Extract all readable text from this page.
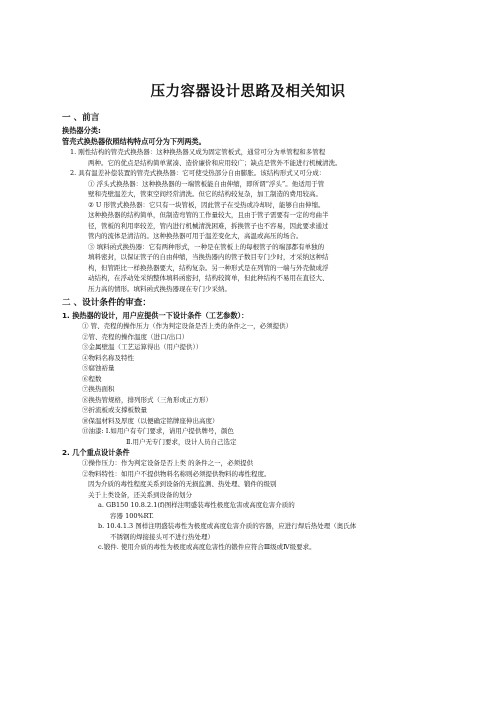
压力容器设计思路及相关知识
一 、前言
换热器分类:
管壳式换热器依照结构特点可分为下列两类。
1. 刚性结构的管壳式换热器：这种换热器又成为固定管板式，通常可分为单管程和多管程
两种。它的优点是结构简单紧凑、造价廉价和应用较广；缺点是管外不能进行机械清洗。
2. 具有温差补偿装置的管壳式换热器：它可使受热部分自由膨胀。该结构形式又可分成：
① 浮头式换热器：这种换热器的一端管板能自由伸缩，即所谓“浮头”。他适用于管
壁和壳壁温差大，管束空间经常清洗。但它的结构较复杂，加工制造的费用较高。
② U 形管式换热器：它只有一块管板，因此管子在受热或冷却时，能够自由伸缩。
这种换热器的结构简单，但制造弯管的工作量较大，且由于管子需要有一定的弯曲半
径，管板的利用率较差，管内进行机械清洗困难，拆换管子也不容易，因此要求通过
管内的流体是清洁的。这种换热器可用于温差变化大，高温或高压的场合。
③ 填料函式换热器：它有两种形式，一种是在管板上的每根管子的端部都有单独的
填料密封，以保证管子的自由伸缩，当换热器内的管子数目专门少时，才采纳这种结
构，但管距比一样换热器要大，结构复杂。另一种形式是在列管的一端与外壳做成浮
动结构，在浮动处采纳整体填料函密封，结构较简单，但此种结构不易用在直径大、
压力高的情形。填料函式换热器现在专门少采纳。
二 、设计条件的审查：
1. 换热器的设计，用户应提供一下设计条件（工艺参数）：
① 管、壳程的操作压力（作为判定设备是否上类的条件之一，必须提供）
②管、壳程的操作温度（进口/出口）
③金属壁温（工艺运算得出（用户提供））
④物料名称及特性
⑤腐蚀裕量
⑥程数
⑦换热面积
⑧换热管规格，排列形式（三角形或正方形）
⑨折流板或支撑板数量
⑩保温材料及厚度（以便确定铭牌座伸出高度）
⑪油漆: Ⅰ.如用户有专门要求，请用户提供牌号，颜色
Ⅱ.用户无专门要求，设计人员自己选定
2. 几个重点设计条件
①操作压力：作为判定设备是否上类 的条件之一，必须提供
②物料特性：如用户不提供物料名称则必须提供物料的毒性程度。
因为介质的毒性程度关系到设备的无损监测、热处理、锻件的级别
关于上类设备，还关系到设备的划分
a. GB150 10.8.2.1(f)图样注明盛装毒性极度危害或高度危害介质的
容器 100%RT.
b. 10.4.1.3 图样注明盛装毒性为极度或高度危害介质的容器，应进行焊后热处理（奥氏体
不锈钢的焊接接头可不进行热处理）
c.锻件. 使用介质的毒性为极度或高度危害性的锻件应符合Ⅲ级或Ⅳ级要求。
